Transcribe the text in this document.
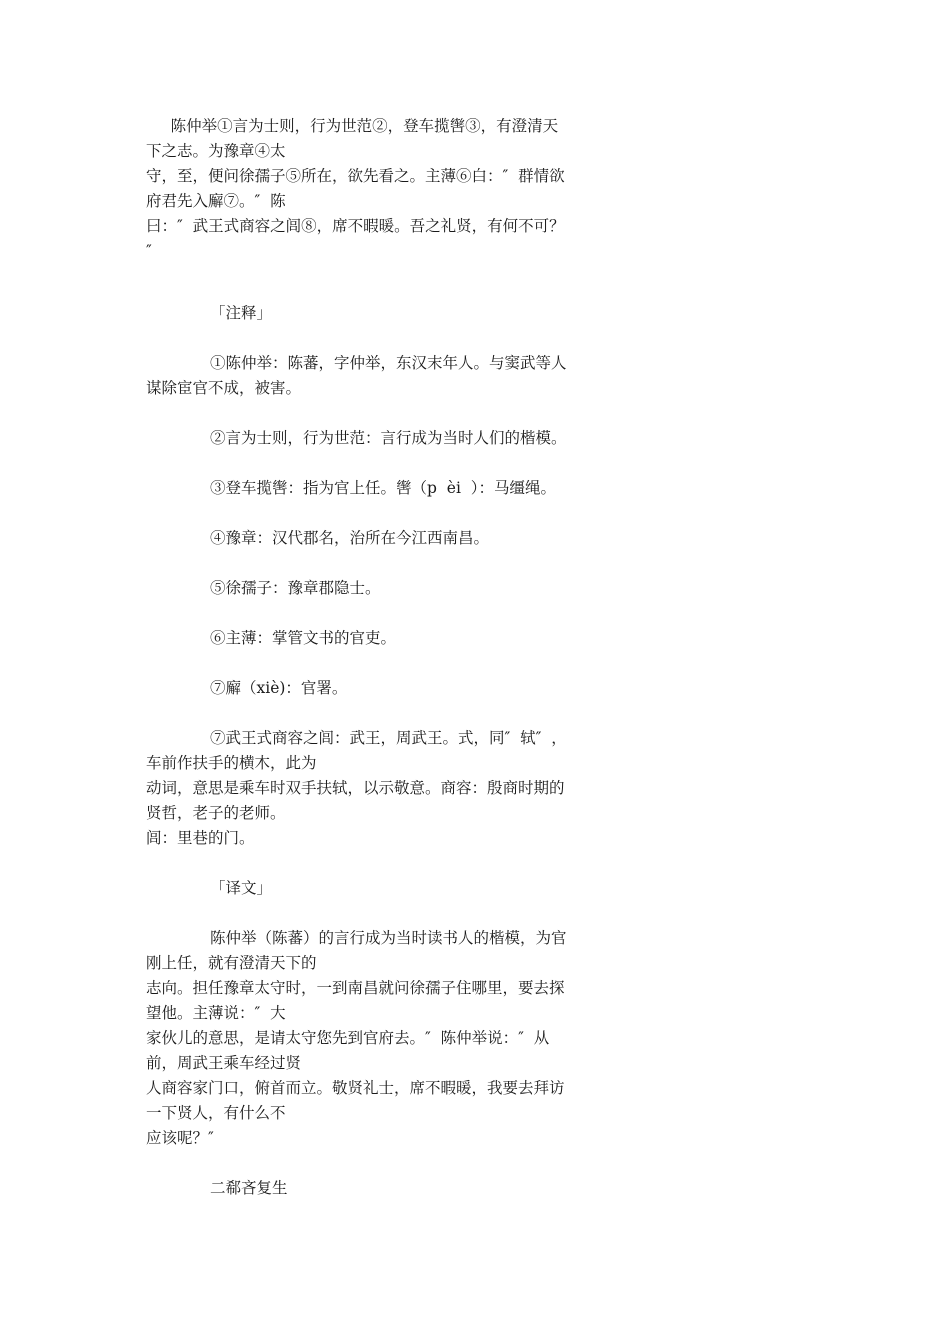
陈仲举①言为士则，行为世范②，登车揽辔③，有澄清天
下之志。为豫章④太
守，至，便问徐孺子⑤所在，欲先看之。主薄⑥白：″  群情欲
府君先入廨⑦。″  陈
曰：″  武王式商容之闾⑧，席不暇暖。吾之礼贤，有何不可？
″
「注释」
①陈仲举：陈蕃，字仲举，东汉末年人。与窦武等人
谋除宦官不成，被害。
②言为士则，行为世范：言行成为当时人们的楷模。
③登车揽辔：指为官上任。辔（p  èi  ）：马缰绳。
④豫章：汉代郡名，治所在今江西南昌。
⑤徐孺子：豫章郡隐士。
⑥主薄：掌管文书的官吏。
⑦廨（xiè)：官署。
⑦武王式商容之闾：武王，周武王。式，同″  轼″  ，
车前作扶手的横木，此为
动词，意思是乘车时双手扶轼，以示敬意。商容：殷商时期的
贤哲，老子的老师。
闾：里巷的门。
「译文」
陈仲举（陈蕃）的言行成为当时读书人的楷模，为官
刚上任，就有澄清天下的
志向。担任豫章太守时，一到南昌就问徐孺子住哪里，要去探
望他。主薄说：″  大
家伙儿的意思，是请太守您先到官府去。″  陈仲举说：″  从
前，周武王乘车经过贤
人商容家门口，俯首而立。敬贤礼士，席不暇暖，我要去拜访
一下贤人，有什么不
应该呢？″
二郗吝复生
